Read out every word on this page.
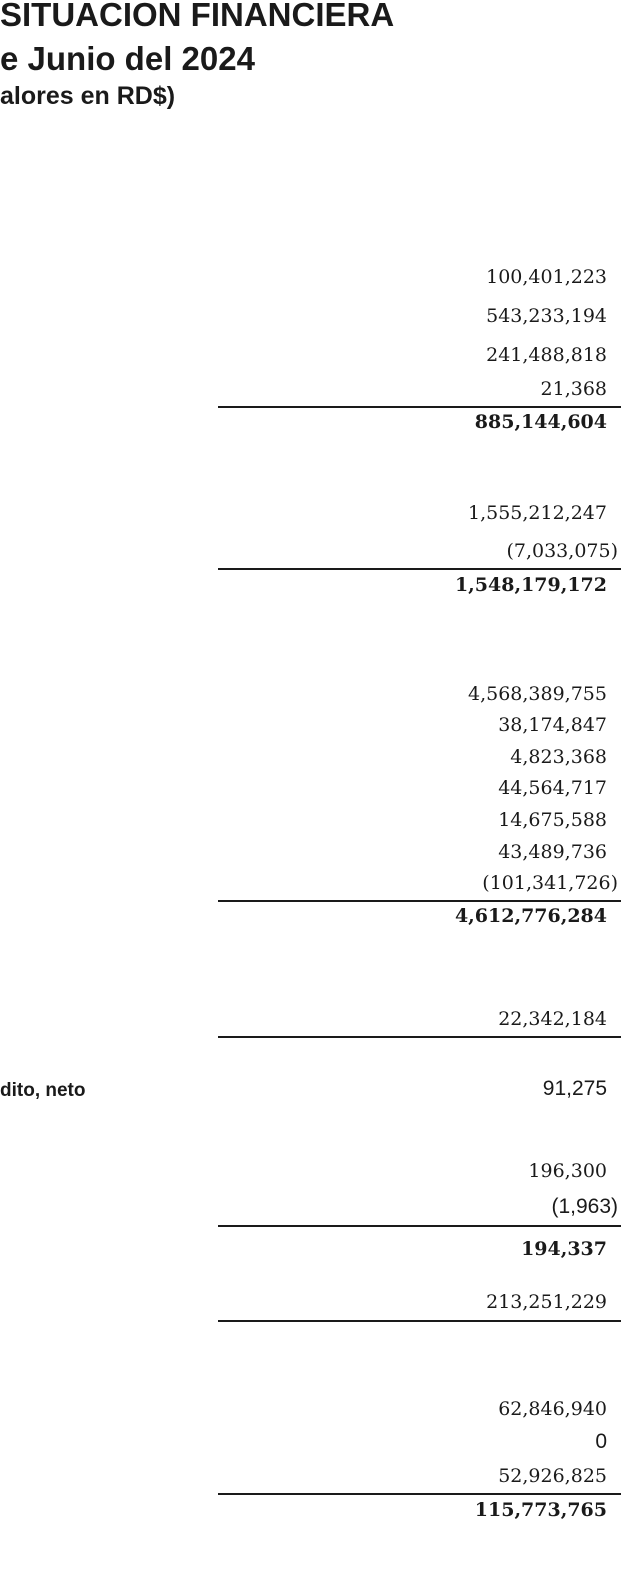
SITUACION FINANCIERA
e Junio del 2024
alores en RD$)
100,401,223
543,233,194
241,488,818
21,368
885,144,604
1,555,212,247
(7,033,075)
1,548,179,172
4,568,389,755
38,174,847
4,823,368
44,564,717
14,675,588
43,489,736
(101,341,726)
4,612,776,284
22,342,184
dito, neto	91,275
196,300
(1,963)
194,337
213,251,229
62,846,940
0
52,926,825
115,773,765
